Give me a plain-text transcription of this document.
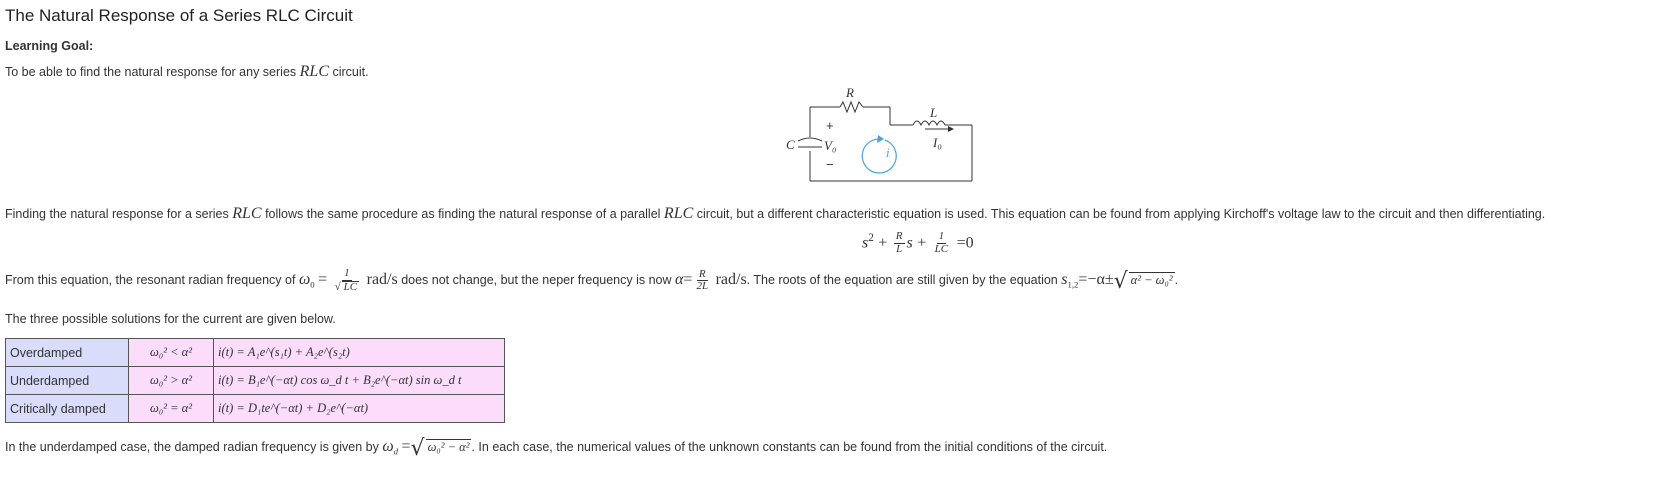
The Natural Response of a Series RLC Circuit
Learning Goal:
To be able to find the natural response for any series RLC circuit.
R
L
C V₀	I₀
i
+
−
Finding the natural response for a series RLC follows the same procedure as finding the natural response of a parallel RLC circuit, but a different characteristic equation is used. This equation can be found from applying Kirchoff's voltage law to the circuit and then differentiating.
$s^2 + \frac{R}{L}$ $s + \frac{1}{LC} =0$
From this equation, the resonant radian frequency of $\omega_0 = \frac{1}{√ LC} rad/s$ does not change, but the neper frequency is now $\alpha= \frac{R}{2L} rad/s$. The roots of the equation are still given by the equation $s_{1,2}=-\alpha\pm√$ α² − ω₀² .
The three possible solutions for the current are given below.
Overdamped	ω₀² < α²	i(t) = A₁e^(s₁t) + A₂e^(s₂t)
Underdamped	ω₀² > α²	i(t) = B₁e^(−αt) cos ω_d t + B₂e^(−αt) sin ω_d t
Critically damped	ω₀² = α²	i(t) = D₁te^(−αt) + D₂e^(−αt)
In the underdamped case, the damped radian frequency is given by $\omega_d$ =√ ω₀² − α² . In each case, the numerical values of the unknown constants can be found from the initial conditions of the circuit.
